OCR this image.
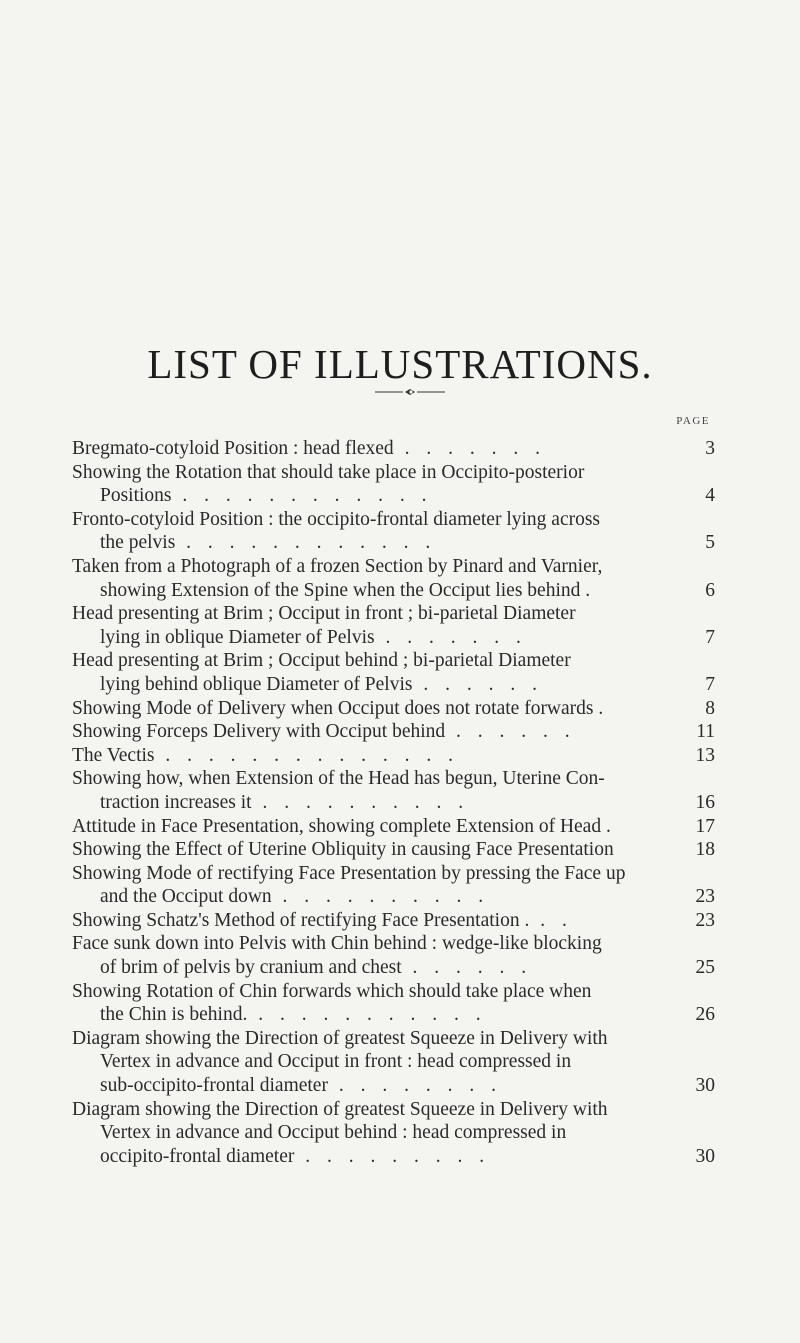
LIST OF ILLUSTRATIONS.
PAGE
Bregmato-cotyloid Position : head flexed . . . . . . .	3
Showing the Rotation that should take place in Occipito-posterior
Positions . . . . . . . . . . . .	4
Fronto-cotyloid Position : the occipito-frontal diameter lying across
the pelvis . . . . . . . . . . . .	5
Taken from a Photograph of a frozen Section by Pinard and Varnier,
showing Extension of the Spine when the Occiput lies behind .	6
Head presenting at Brim ; Occiput in front ; bi-parietal Diameter
lying in oblique Diameter of Pelvis . . . . . . .	7
Head presenting at Brim ; Occiput behind ; bi-parietal Diameter
lying behind oblique Diameter of Pelvis . . . . . .	7
Showing Mode of Delivery when Occiput does not rotate forwards .	8
Showing Forceps Delivery with Occiput behind . . . . . .	11
The Vectis . . . . . . . . . . . . . .	13
Showing how, when Extension of the Head has begun, Uterine Con-
traction increases it . . . . . . . . . .	16
Attitude in Face Presentation, showing complete Extension of Head .	17
Showing the Effect of Uterine Obliquity in causing Face Presentation	18
Showing Mode of rectifying Face Presentation by pressing the Face up
and the Occiput down . . . . . . . . . .	23
Showing Schatz's Method of rectifying Face Presentation . . .	23
Face sunk down into Pelvis with Chin behind : wedge-like blocking
of brim of pelvis by cranium and chest . . . . . .	25
Showing Rotation of Chin forwards which should take place when
the Chin is behind. . . . . . . . . . . .	26
Diagram showing the Direction of greatest Squeeze in Delivery with
Vertex in advance and Occiput in front : head compressed in
sub-occipito-frontal diameter . . . . . . . .	30
Diagram showing the Direction of greatest Squeeze in Delivery with
Vertex in advance and Occiput behind : head compressed in
occipito-frontal diameter . . . . . . . . .	30
